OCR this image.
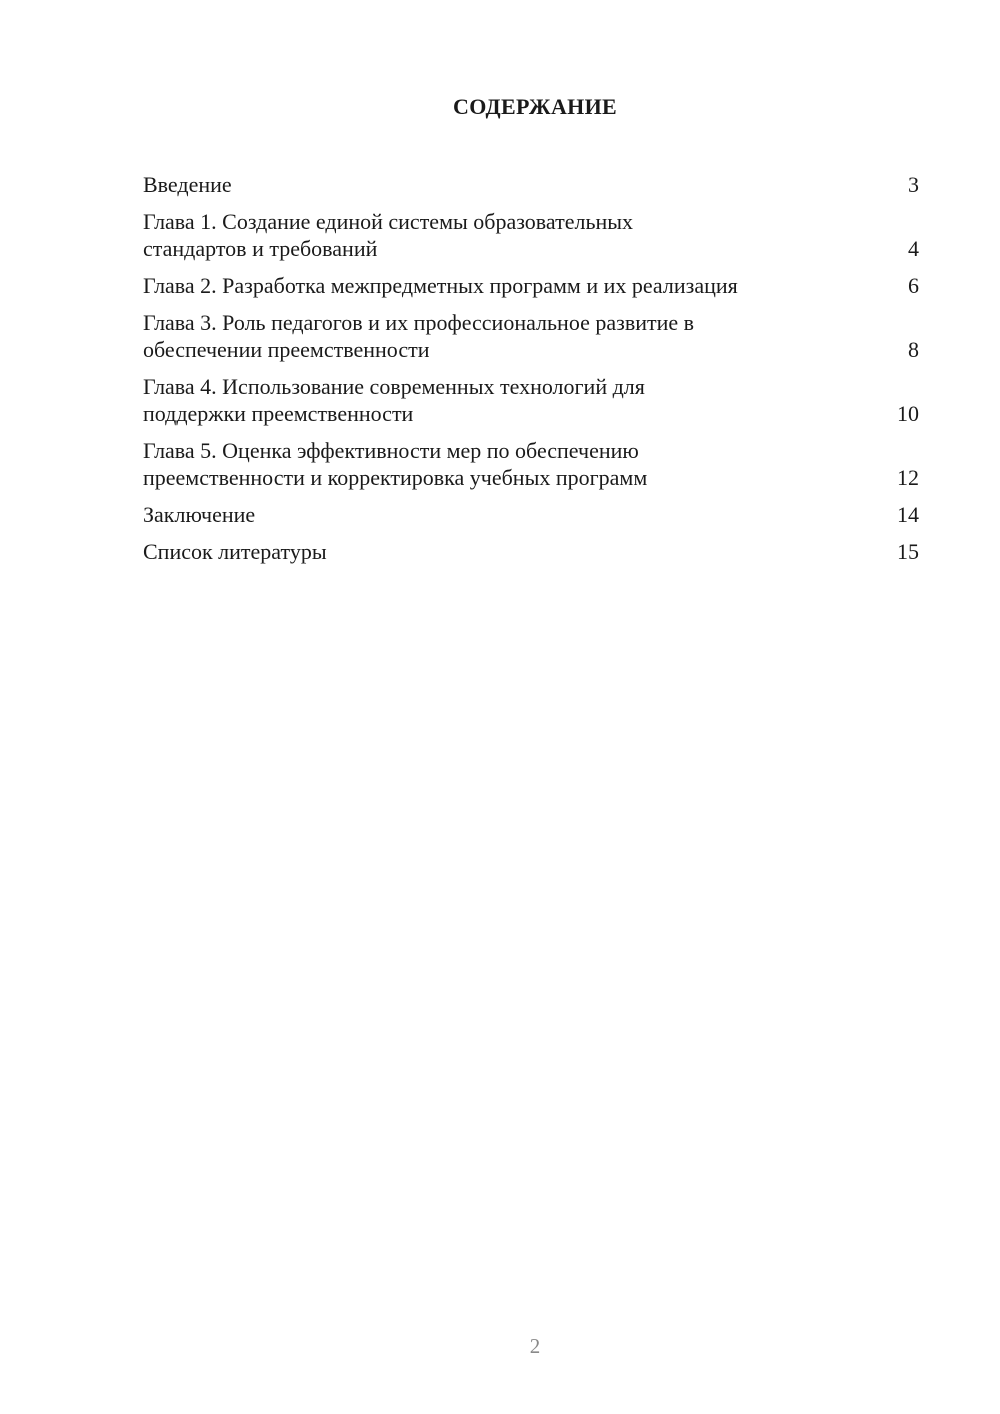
СОДЕРЖАНИЕ
Введение	3
Глава 1. Создание единой системы образовательных
стандартов и требований	4
Глава 2. Разработка межпредметных программ и их реализация	6
Глава 3. Роль педагогов и их профессиональное развитие в
обеспечении преемственности	8
Глава 4. Использование современных технологий для
поддержки преемственности	10
Глава 5. Оценка эффективности мер по обеспечению
преемственности и корректировка учебных программ	12
Заключение	14
Список литературы	15
2
